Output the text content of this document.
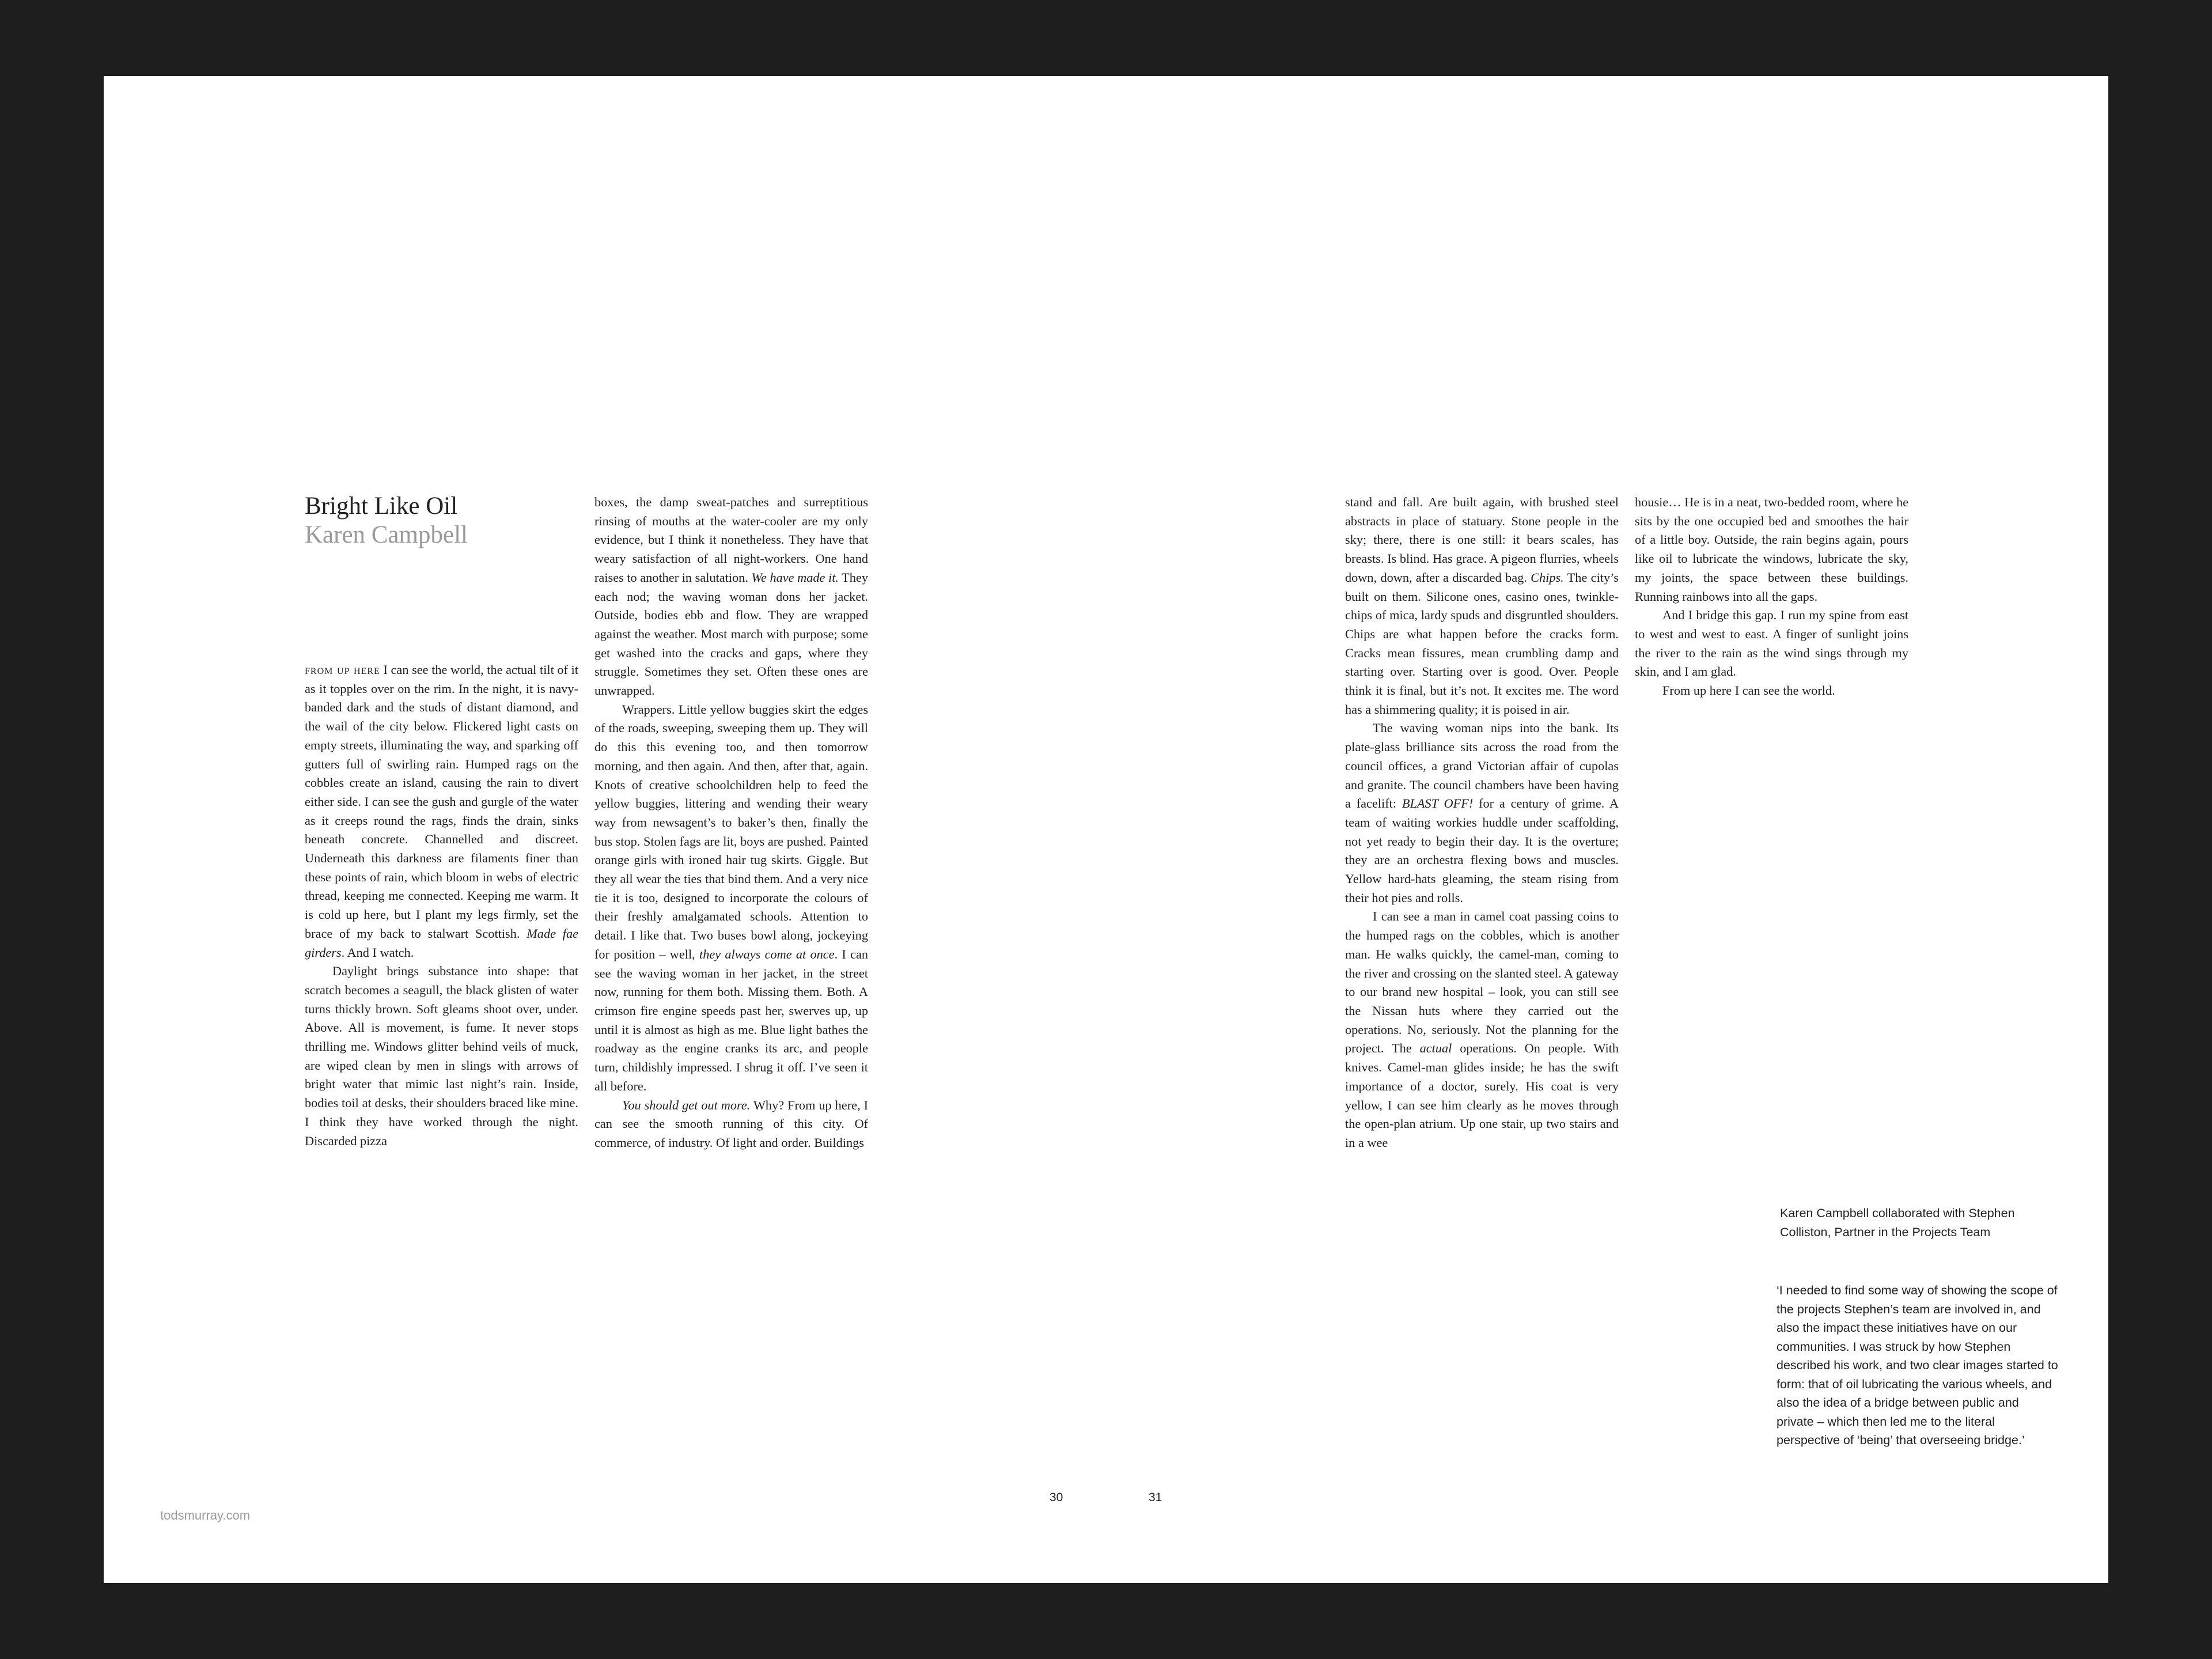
Bright Like Oil
Karen Campbell

from up here I can see the world, the actual tilt of it as it topples over on the rim. In the night, it is navy-banded dark and the studs of distant diamond, and the wail of the city below. Flickered light casts on empty streets, illuminating the way, and sparking off gutters full of swirling rain. Humped rags on the cobbles create an island, causing the rain to divert either side. I can see the gush and gurgle of the water as it creeps round the rags, finds the drain, sinks beneath concrete. Channelled and discreet. Underneath this darkness are filaments finer than these points of rain, which bloom in webs of electric thread, keeping me connected. Keeping me warm. It is cold up here, but I plant my legs firmly, set the brace of my back to stalwart Scottish. Made fae girders. And I watch.

Daylight brings substance into shape: that scratch becomes a seagull, the black glisten of water turns thickly brown. Soft gleams shoot over, under. Above. All is movement, is fume. It never stops thrilling me. Windows glitter behind veils of muck, are wiped clean by men in slings with arrows of bright water that mimic last night’s rain. Inside, bodies toil at desks, their shoulders braced like mine. I think they have worked through the night. Discarded pizza

boxes, the damp sweat-patches and surreptitious rinsing of mouths at the water-cooler are my only evidence, but I think it nonetheless. They have that weary satisfaction of all night-workers. One hand raises to another in salutation. We have made it. They each nod; the waving woman dons her jacket. Outside, bodies ebb and flow. They are wrapped against the weather. Most march with purpose; some get washed into the cracks and gaps, where they struggle. Sometimes they set. Often these ones are unwrapped.

Wrappers. Little yellow buggies skirt the edges of the roads, sweeping, sweeping them up. They will do this this evening too, and then tomorrow morning, and then again. And then, after that, again. Knots of creative schoolchildren help to feed the yellow buggies, littering and wending their weary way from newsagent’s to baker’s then, finally the bus stop. Stolen fags are lit, boys are pushed. Painted orange girls with ironed hair tug skirts. Giggle. But they all wear the ties that bind them. And a very nice tie it is too, designed to incorporate the colours of their freshly amalgamated schools. Attention to detail. I like that. Two buses bowl along, jockeying for position – well, they always come at once. I can see the waving woman in her jacket, in the street now, running for them both. Missing them. Both. A crimson fire engine speeds past her, swerves up, up until it is almost as high as me. Blue light bathes the roadway as the engine cranks its arc, and people turn, childishly impressed. I shrug it off. I’ve seen it all before.

You should get out more. Why? From up here, I can see the smooth running of this city. Of commerce, of industry. Of light and order. Buildings

stand and fall. Are built again, with brushed steel abstracts in place of statuary. Stone people in the sky; there, there is one still: it bears scales, has breasts. Is blind. Has grace. A pigeon flurries, wheels down, down, after a discarded bag. Chips. The city’s built on them. Silicone ones, casino ones, twinkle-chips of mica, lardy spuds and disgruntled shoulders. Chips are what happen before the cracks form. Cracks mean fissures, mean crumbling damp and starting over. Starting over is good. Over. People think it is final, but it’s not. It excites me. The word has a shimmering quality; it is poised in air.

The waving woman nips into the bank. Its plate-glass brilliance sits across the road from the council offices, a grand Victorian affair of cupolas and granite. The council chambers have been having a facelift: BLAST OFF! for a century of grime. A team of waiting workies huddle under scaffolding, not yet ready to begin their day. It is the overture; they are an orchestra flexing bows and muscles. Yellow hard-hats gleaming, the steam rising from their hot pies and rolls.

I can see a man in camel coat passing coins to the humped rags on the cobbles, which is another man. He walks quickly, the camel-man, coming to the river and crossing on the slanted steel. A gateway to our brand new hospital – look, you can still see the Nissan huts where they carried out the operations. No, seriously. Not the planning for the project. The actual operations. On people. With knives. Camel-man glides inside; he has the swift importance of a doctor, surely. His coat is very yellow, I can see him clearly as he moves through the open-plan atrium. Up one stair, up two stairs and in a wee

housie… He is in a neat, two-bedded room, where he sits by the one occupied bed and smoothes the hair of a little boy. Outside, the rain begins again, pours like oil to lubricate the windows, lubricate the sky, my joints, the space between these buildings. Running rainbows into all the gaps.

And I bridge this gap. I run my spine from east to west and west to east. A finger of sunlight joins the river to the rain as the wind sings through my skin, and I am glad.

From up here I can see the world.

Karen Campbell collaborated with Stephen Colliston, Partner in the Projects Team
‘I needed to find some way of showing the scope of the projects Stephen’s team are involved in, and also the impact these initiatives have on our communities. I was struck by how Stephen described his work, and two clear images started to form: that of oil lubricating the various wheels, and also the idea of a bridge between public and private – which then led me to the literal perspective of ‘being’ that overseeing bridge.’
30	31
todsmurray.com
